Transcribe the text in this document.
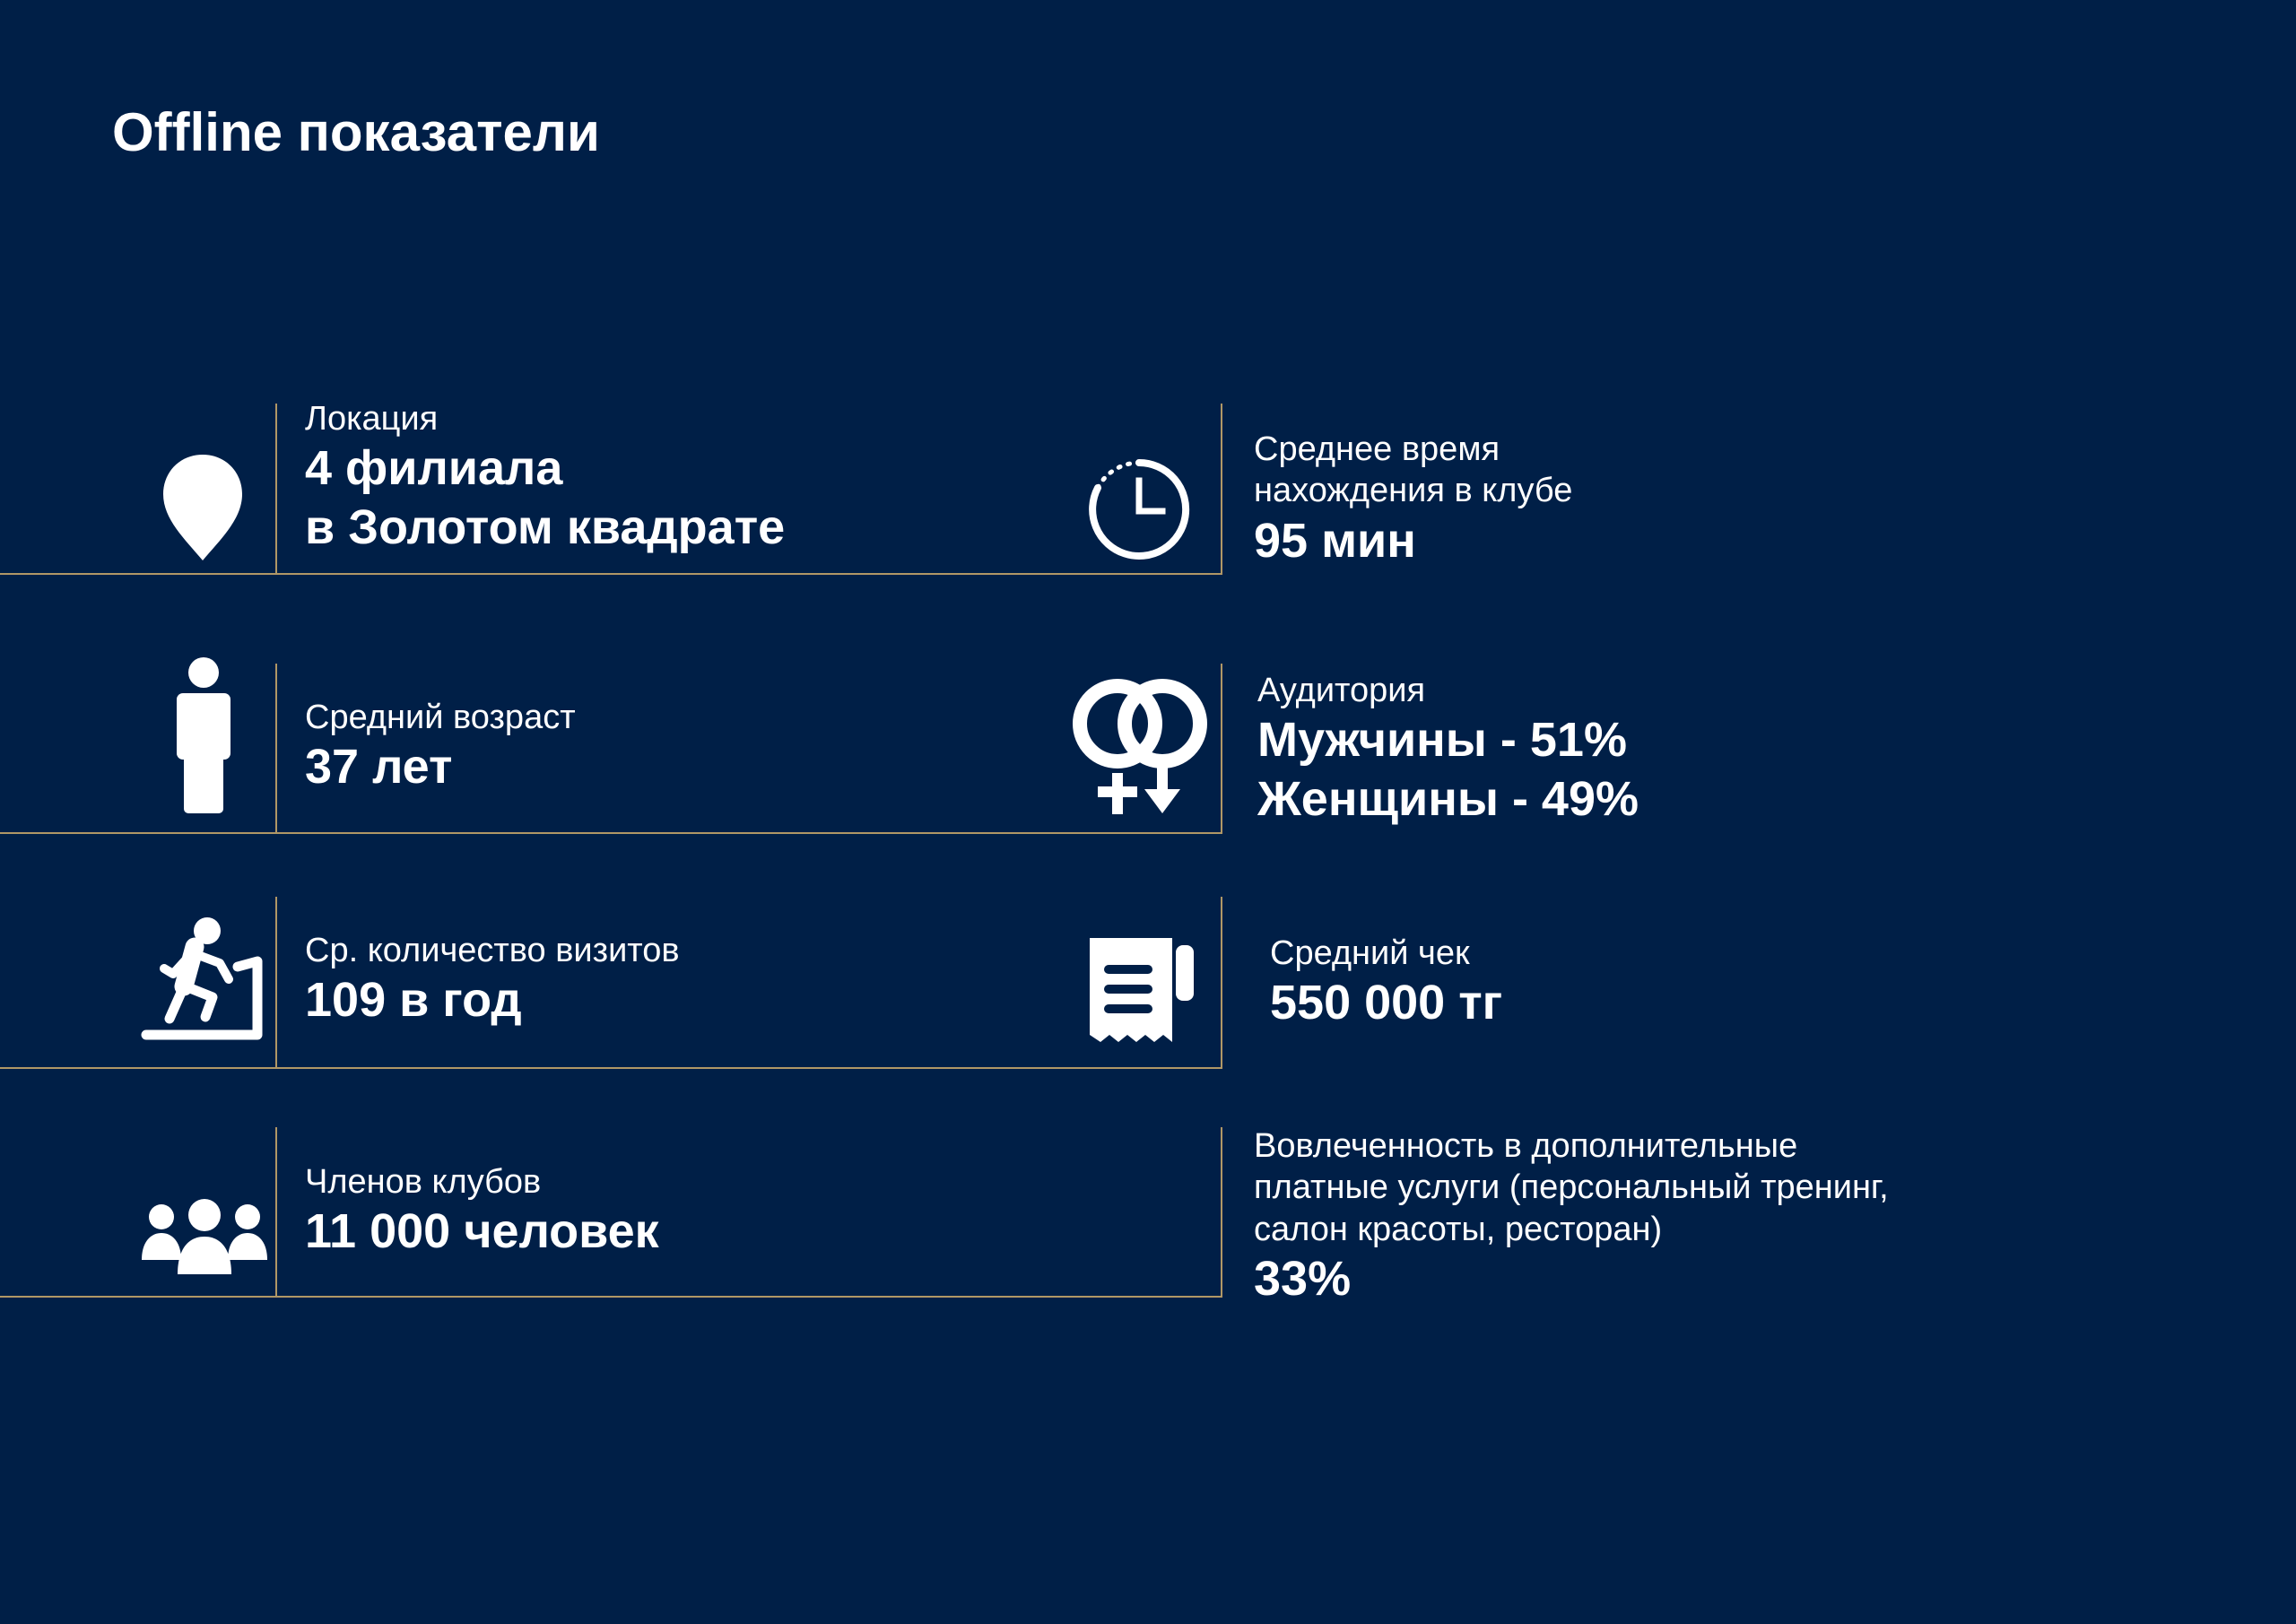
Offline показатели
Локация
4 филиала
в Золотом квадрате
Средний возраст
37 лет
Ср. количество визитов
109 в год
Членов клубов
11 000 человек
Среднее время
нахождения в клубе
95 мин
Аудитория
Мужчины - 51%
Женщины - 49%
Средний чек
550 000 тг
Вовлеченность в дополнительные
платные услуги (персональный тренинг,
салон красоты, ресторан)
33%
